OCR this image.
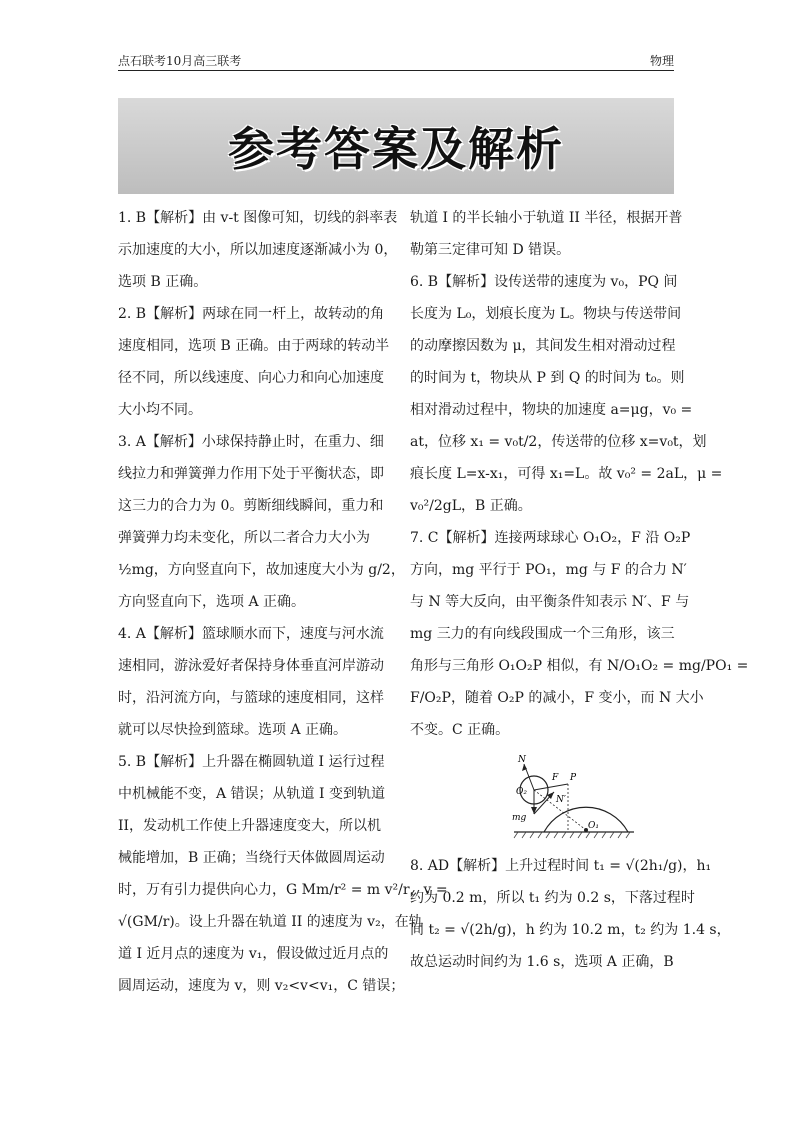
点石联考10月高三联考	物理
参考答案及解析
1. B【解析】由 v-t 图像可知，切线的斜率表
示加速度的大小，所以加速度逐渐减小为 0，
选项 B 正确。
2. B【解析】两球在同一杆上，故转动的角
速度相同，选项 B 正确。由于两球的转动半
径不同，所以线速度、向心力和向心加速度
大小均不同。
3. A【解析】小球保持静止时，在重力、细
线拉力和弹簧弹力作用下处于平衡状态，即
这三力的合力为 0。剪断细线瞬间，重力和
弹簧弹力均未变化，所以二者合力大小为
½mg，方向竖直向下，故加速度大小为 g/2，
方向竖直向下，选项 A 正确。
4. A【解析】篮球顺水而下，速度与河水流
速相同，游泳爱好者保持身体垂直河岸游动
时，沿河流方向，与篮球的速度相同，这样
就可以尽快捡到篮球。选项 A 正确。
5. B【解析】上升器在椭圆轨道 I 运行过程
中机械能不变，A 错误；从轨道 I 变到轨道
II，发动机工作使上升器速度变大，所以机
械能增加，B 正确；当绕行天体做圆周运动
时，万有引力提供向心力，G Mm/r² = m v²/r，v =
√(GM/r)。设上升器在轨道 II 的速度为 v₂，在轨
道 I 近月点的速度为 v₁，假设做过近月点的
圆周运动，速度为 v，则 v₂<v<v₁，C 错误；
轨道 I 的半长轴小于轨道 II 半径，根据开普
勒第三定律可知 D 错误。
6. B【解析】设传送带的速度为 v₀，PQ 间
长度为 L₀，划痕长度为 L。物块与传送带间
的动摩擦因数为 μ，其间发生相对滑动过程
的时间为 t，物块从 P 到 Q 的时间为 t₀。则
相对滑动过程中，物块的加速度 a=μg，v₀ =
at，位移 x₁ = v₀t/2，传送带的位移 x=v₀t，划
痕长度 L=x-x₁，可得 x₁=L。故 v₀² = 2aL，μ =
v₀²/2gL，B 正确。
7. C【解析】连接两球球心 O₁O₂，F 沿 O₂P
方向，mg 平行于 PO₁，mg 与 F 的合力 N′
与 N 等大反向，由平衡条件知表示 N′、F 与
mg 三力的有向线段围成一个三角形，该三
角形与三角形 O₁O₂P 相似，有 N/O₁O₂ = mg/PO₁ =
F/O₂P，随着 O₂P 的减小，F 变小，而 N 大小
不变。C 正确。
N
F P
O₂
N′
mg
O₁
8. AD【解析】上升过程时间 t₁ = √(2h₁/g)，h₁
约为 0.2 m，所以 t₁ 约为 0.2 s，下落过程时
间 t₂ = √(2h/g)，h 约为 10.2 m，t₂ 约为 1.4 s，
故总运动时间约为 1.6 s，选项 A 正确，B
